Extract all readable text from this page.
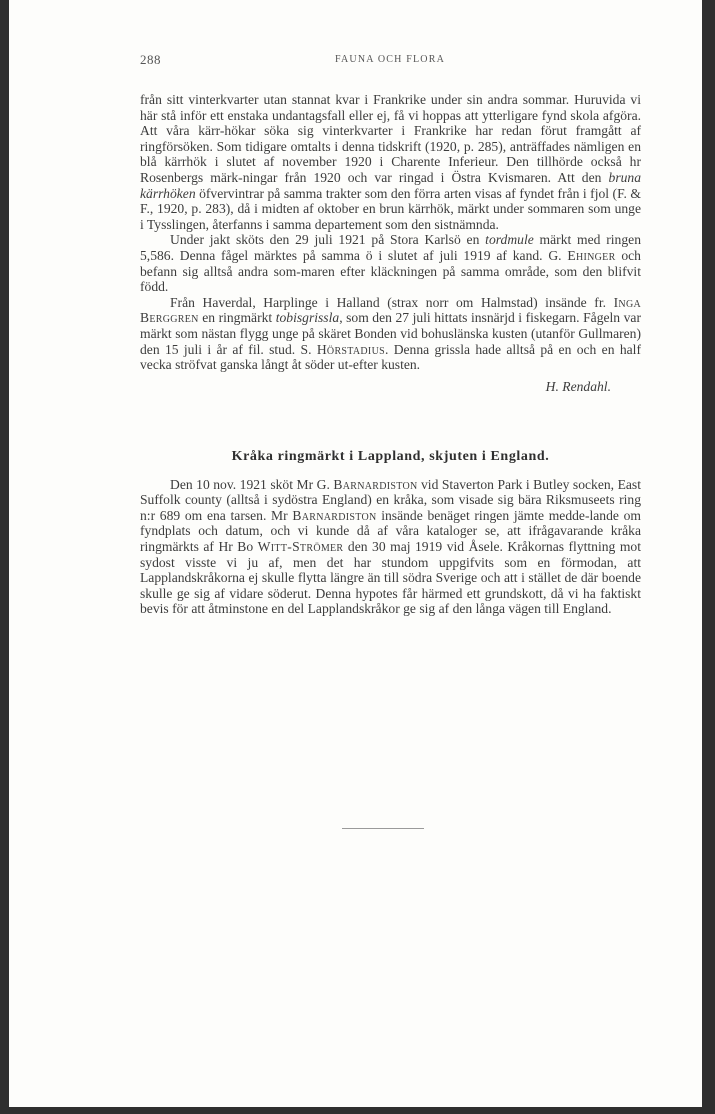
288	FAUNA OCH FLORA

från sitt vinterkvarter utan stannat kvar i Frankrike under sin andra sommar. Huruvida vi här stå inför ett enstaka undantagsfall eller ej, få vi hoppas att ytterligare fynd skola afgöra. Att våra kärr-hökar söka sig vinterkvarter i Frankrike har redan förut framgått af ringförsöken. Som tidigare omtalts i denna tidskrift (1920, p. 285), anträffades nämligen en blå kärrhök i slutet af november 1920 i Charente Inferieur. Den tillhörde också hr Rosenbergs märk-ningar från 1920 och var ringad i Östra Kvismaren. Att den bruna kärrhöken öfvervintrar på samma trakter som den förra arten visas af fyndet från i fjol (F. & F., 1920, p. 283), då i midten af oktober en brun kärrhök, märkt under sommaren som unge i Tysslingen, återfanns i samma departement som den sistnämnda.

Under jakt sköts den 29 juli 1921 på Stora Karlsö en tordmule märkt med ringen 5,586. Denna fågel märktes på samma ö i slutet af juli 1919 af kand. G. Ehinger och befann sig alltså andra som-maren efter kläckningen på samma område, som den blifvit född.

Från Haverdal, Harplinge i Halland (strax norr om Halmstad) insände fr. Inga Berggren en ringmärkt tobisgrissla, som den 27 juli hittats insnärjd i fiskegarn. Fågeln var märkt som nästan flygg unge på skäret Bonden vid bohuslänska kusten (utanför Gullmaren) den 15 juli i år af fil. stud. S. Hörstadius. Denna grissla hade alltså på en och en half vecka ströfvat ganska långt åt söder ut-efter kusten.

H. Rendahl.
Kråka ringmärkt i Lappland, skjuten i England.

Den 10 nov. 1921 sköt Mr G. Barnardiston vid Staverton Park i Butley socken, East Suffolk county (alltså i sydöstra England) en kråka, som visade sig bära Riksmuseets ring n:r 689 om ena tarsen. Mr Barnardiston insände benäget ringen jämte medde-lande om fyndplats och datum, och vi kunde då af våra kataloger se, att ifrågavarande kråka ringmärkts af Hr Bo Witt-Strömer den 30 maj 1919 vid Åsele. Kråkornas flyttning mot sydost visste vi ju af, men det har stundom uppgifvits som en förmodan, att Lapplandskråkorna ej skulle flytta längre än till södra Sverige och att i stället de där boende skulle ge sig af vidare söderut. Denna hypotes får härmed ett grundskott, då vi ha faktiskt bevis för att åtminstone en del Lapplandskråkor ge sig af den långa vägen till England.
